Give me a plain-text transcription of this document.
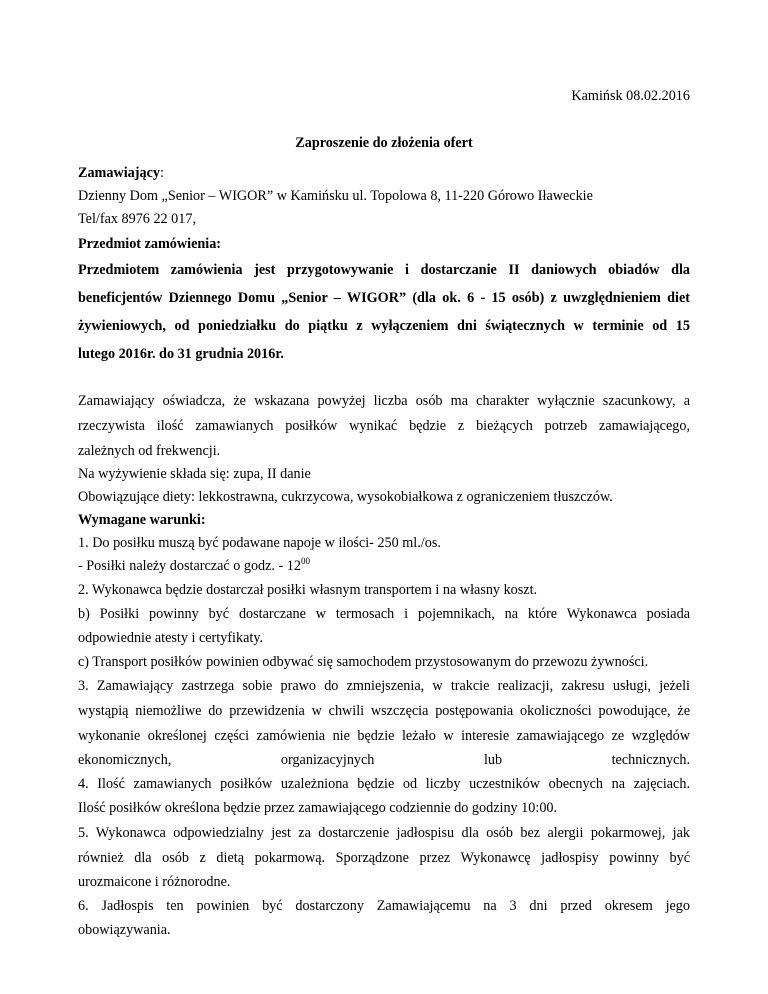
Kamińsk 08.02.2016
Zaproszenie do złożenia ofert
Zamawiający:
Dzienny Dom „Senior – WIGOR” w Kamińsku ul. Topolowa 8, 11-220 Górowo Iławeckie
Tel/fax 8976 22 017,
Przedmiot zamówienia:
Przedmiotem zamówienia jest przygotowywanie i dostarczanie II daniowych obiadów dla
beneficjentów Dziennego Domu „Senior – WIGOR” (dla ok. 6 - 15 osób) z uwzględnieniem diet
żywieniowych, od poniedziałku do piątku z wyłączeniem dni świątecznych w terminie od 15
lutego 2016r. do 31 grudnia 2016r.
Zamawiający oświadcza, że wskazana powyżej liczba osób ma charakter wyłącznie szacunkowy, a
rzeczywista ilość zamawianych posiłków wynikać będzie z bieżących potrzeb zamawiającego,
zależnych od frekwencji.
Na wyżywienie składa się: zupa, II danie
Obowiązujące diety: lekkostrawna, cukrzycowa, wysokobiałkowa z ograniczeniem tłuszczów.
Wymagane warunki:
1. Do posiłku muszą być podawane napoje w ilości- 250 ml./os.
- Posiłki należy dostarczać o godz. - $12^{00}$
2. Wykonawca będzie dostarczał posiłki własnym transportem i na własny koszt.
b) Posiłki powinny być dostarczane w termosach i pojemnikach, na które Wykonawca posiada
odpowiednie atesty i certyfikaty.
c) Transport posiłków powinien odbywać się samochodem przystosowanym do przewozu żywności.
3. Zamawiający zastrzega sobie prawo do zmniejszenia, w trakcie realizacji, zakresu usługi, jeżeli
wystąpią niemożliwe do przewidzenia w chwili wszczęcia postępowania okoliczności powodujące, że
wykonanie określonej części zamówienia nie będzie leżało w interesie zamawiającego ze względów
ekonomicznych,	organizacyjnych	lub	technicznych.
4. Ilość zamawianych posiłków uzależniona będzie od liczby uczestników obecnych na zajęciach.
Ilość posiłków określona będzie przez zamawiającego codziennie do godziny 10:00.
5. Wykonawca odpowiedzialny jest za dostarczenie jadłospisu dla osób bez alergii pokarmowej, jak
również dla osób z dietą pokarmową. Sporządzone przez Wykonawcę jadłospisy powinny być
urozmaicone i różnorodne.
6. Jadłospis ten powinien być dostarczony Zamawiającemu na 3 dni przed okresem jego
obowiązywania.
